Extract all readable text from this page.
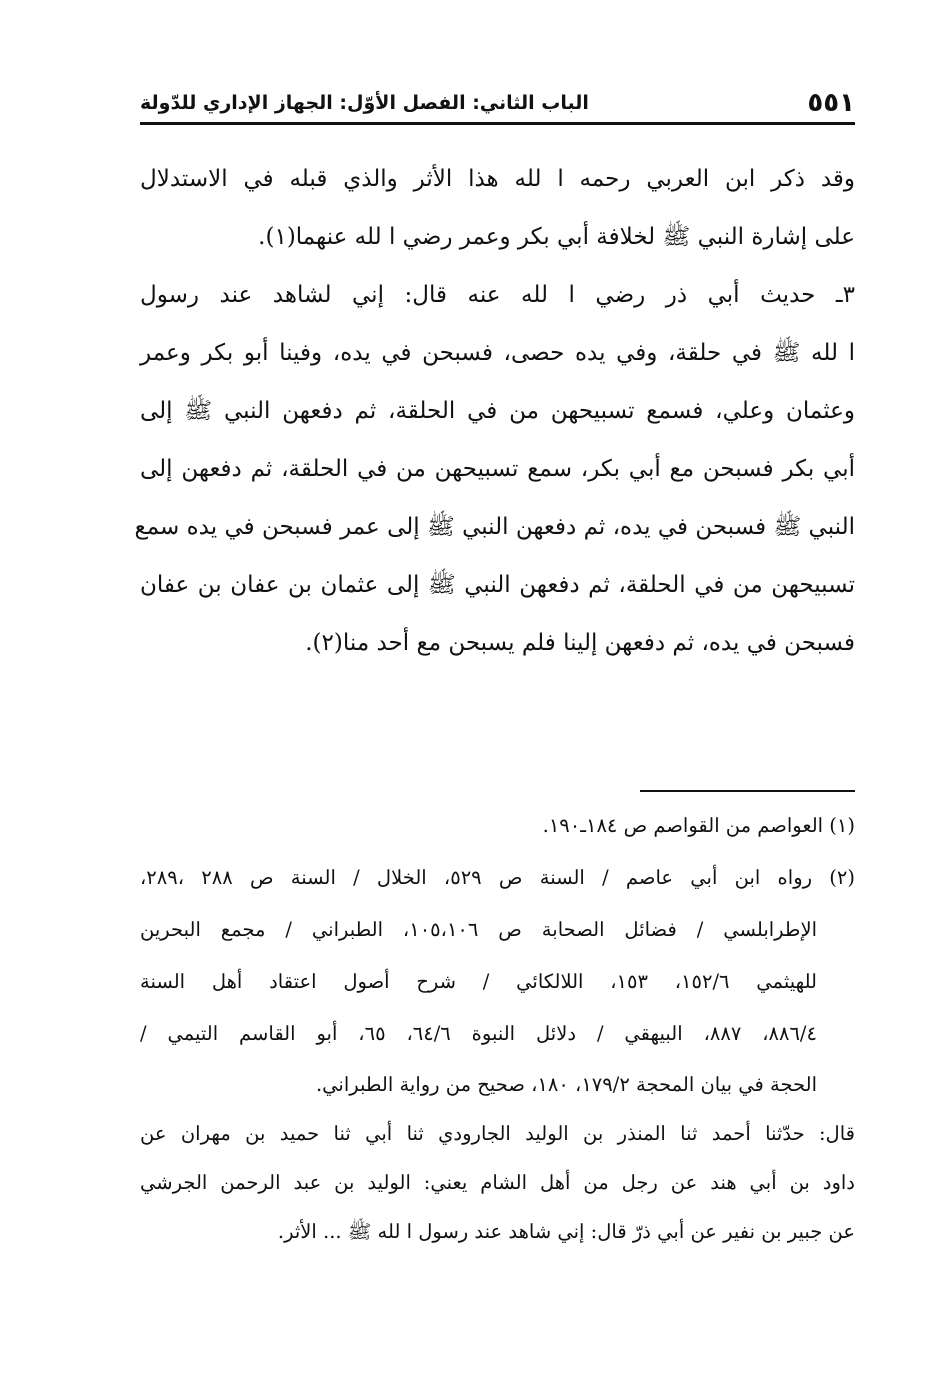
٥٥١
الباب الثاني: الفصل الأوّل: الجهاز الإداري للدّولة
وقد ذكر ابن العربي رحمه ا لله هذا الأثر والذي قبله في الاستدلال
على إشارة النبي ﷺ لخلافة أبي بكر وعمر رضي ا لله عنهما(١).
٣ـ حديث أبي ذر رضي ا لله عنه قال: إني لشاهد عند رسول
ا لله ﷺ في حلقة، وفي يده حصى، فسبحن في يده، وفينا أبو بكر وعمر
وعثمان وعلي، فسمع تسبيحهن من في الحلقة، ثم دفعهن النبي ﷺ إلى
أبي بكر فسبحن مع أبي بكر، سمع تسبيحهن من في الحلقة، ثم دفعهن إلى
النبي ﷺ فسبحن في يده، ثم دفعهن النبي ﷺ إلى عمر فسبحن في يده سمع
تسبيحهن من في الحلقة، ثم دفعهن النبي ﷺ إلى عثمان بن عفان بن عفان
فسبحن في يده، ثم دفعهن إلينا فلم يسبحن مع أحد منا(٢).
(١) العواصم من القواصم ص ١٨٤ـ١٩٠.
(٢) رواه ابن أبي عاصم / السنة ص ٥٢٩، الخلال / السنة ص ٢٨٨ ،٢٨٩،
الإطرابلسي / فضائل الصحابة ص ١٠٥،١٠٦، الطبراني / مجمع البحرين
للهيثمي ١٥٢/٦، ١٥٣، اللالكائي / شرح أصول اعتقاد أهل السنة
٨٨٦/٤، ٨٨٧، البيهقي / دلائل النبوة ٦٤/٦، ٦٥، أبو القاسم التيمي /
الحجة في بيان المحجة ١٧٩/٢، ١٨٠، صحيح من رواية الطبراني.
قال: حدّثنا أحمد ثنا المنذر بن الوليد الجارودي ثنا أبي ثنا حميد بن مهران عن
داود بن أبي هند عن رجل من أهل الشام يعني: الوليد بن عبد الرحمن الجرشي
عن جبير بن نفير عن أبي ذرّ قال: إني شاهد عند رسول ا لله ﷺ ... الأثر.
